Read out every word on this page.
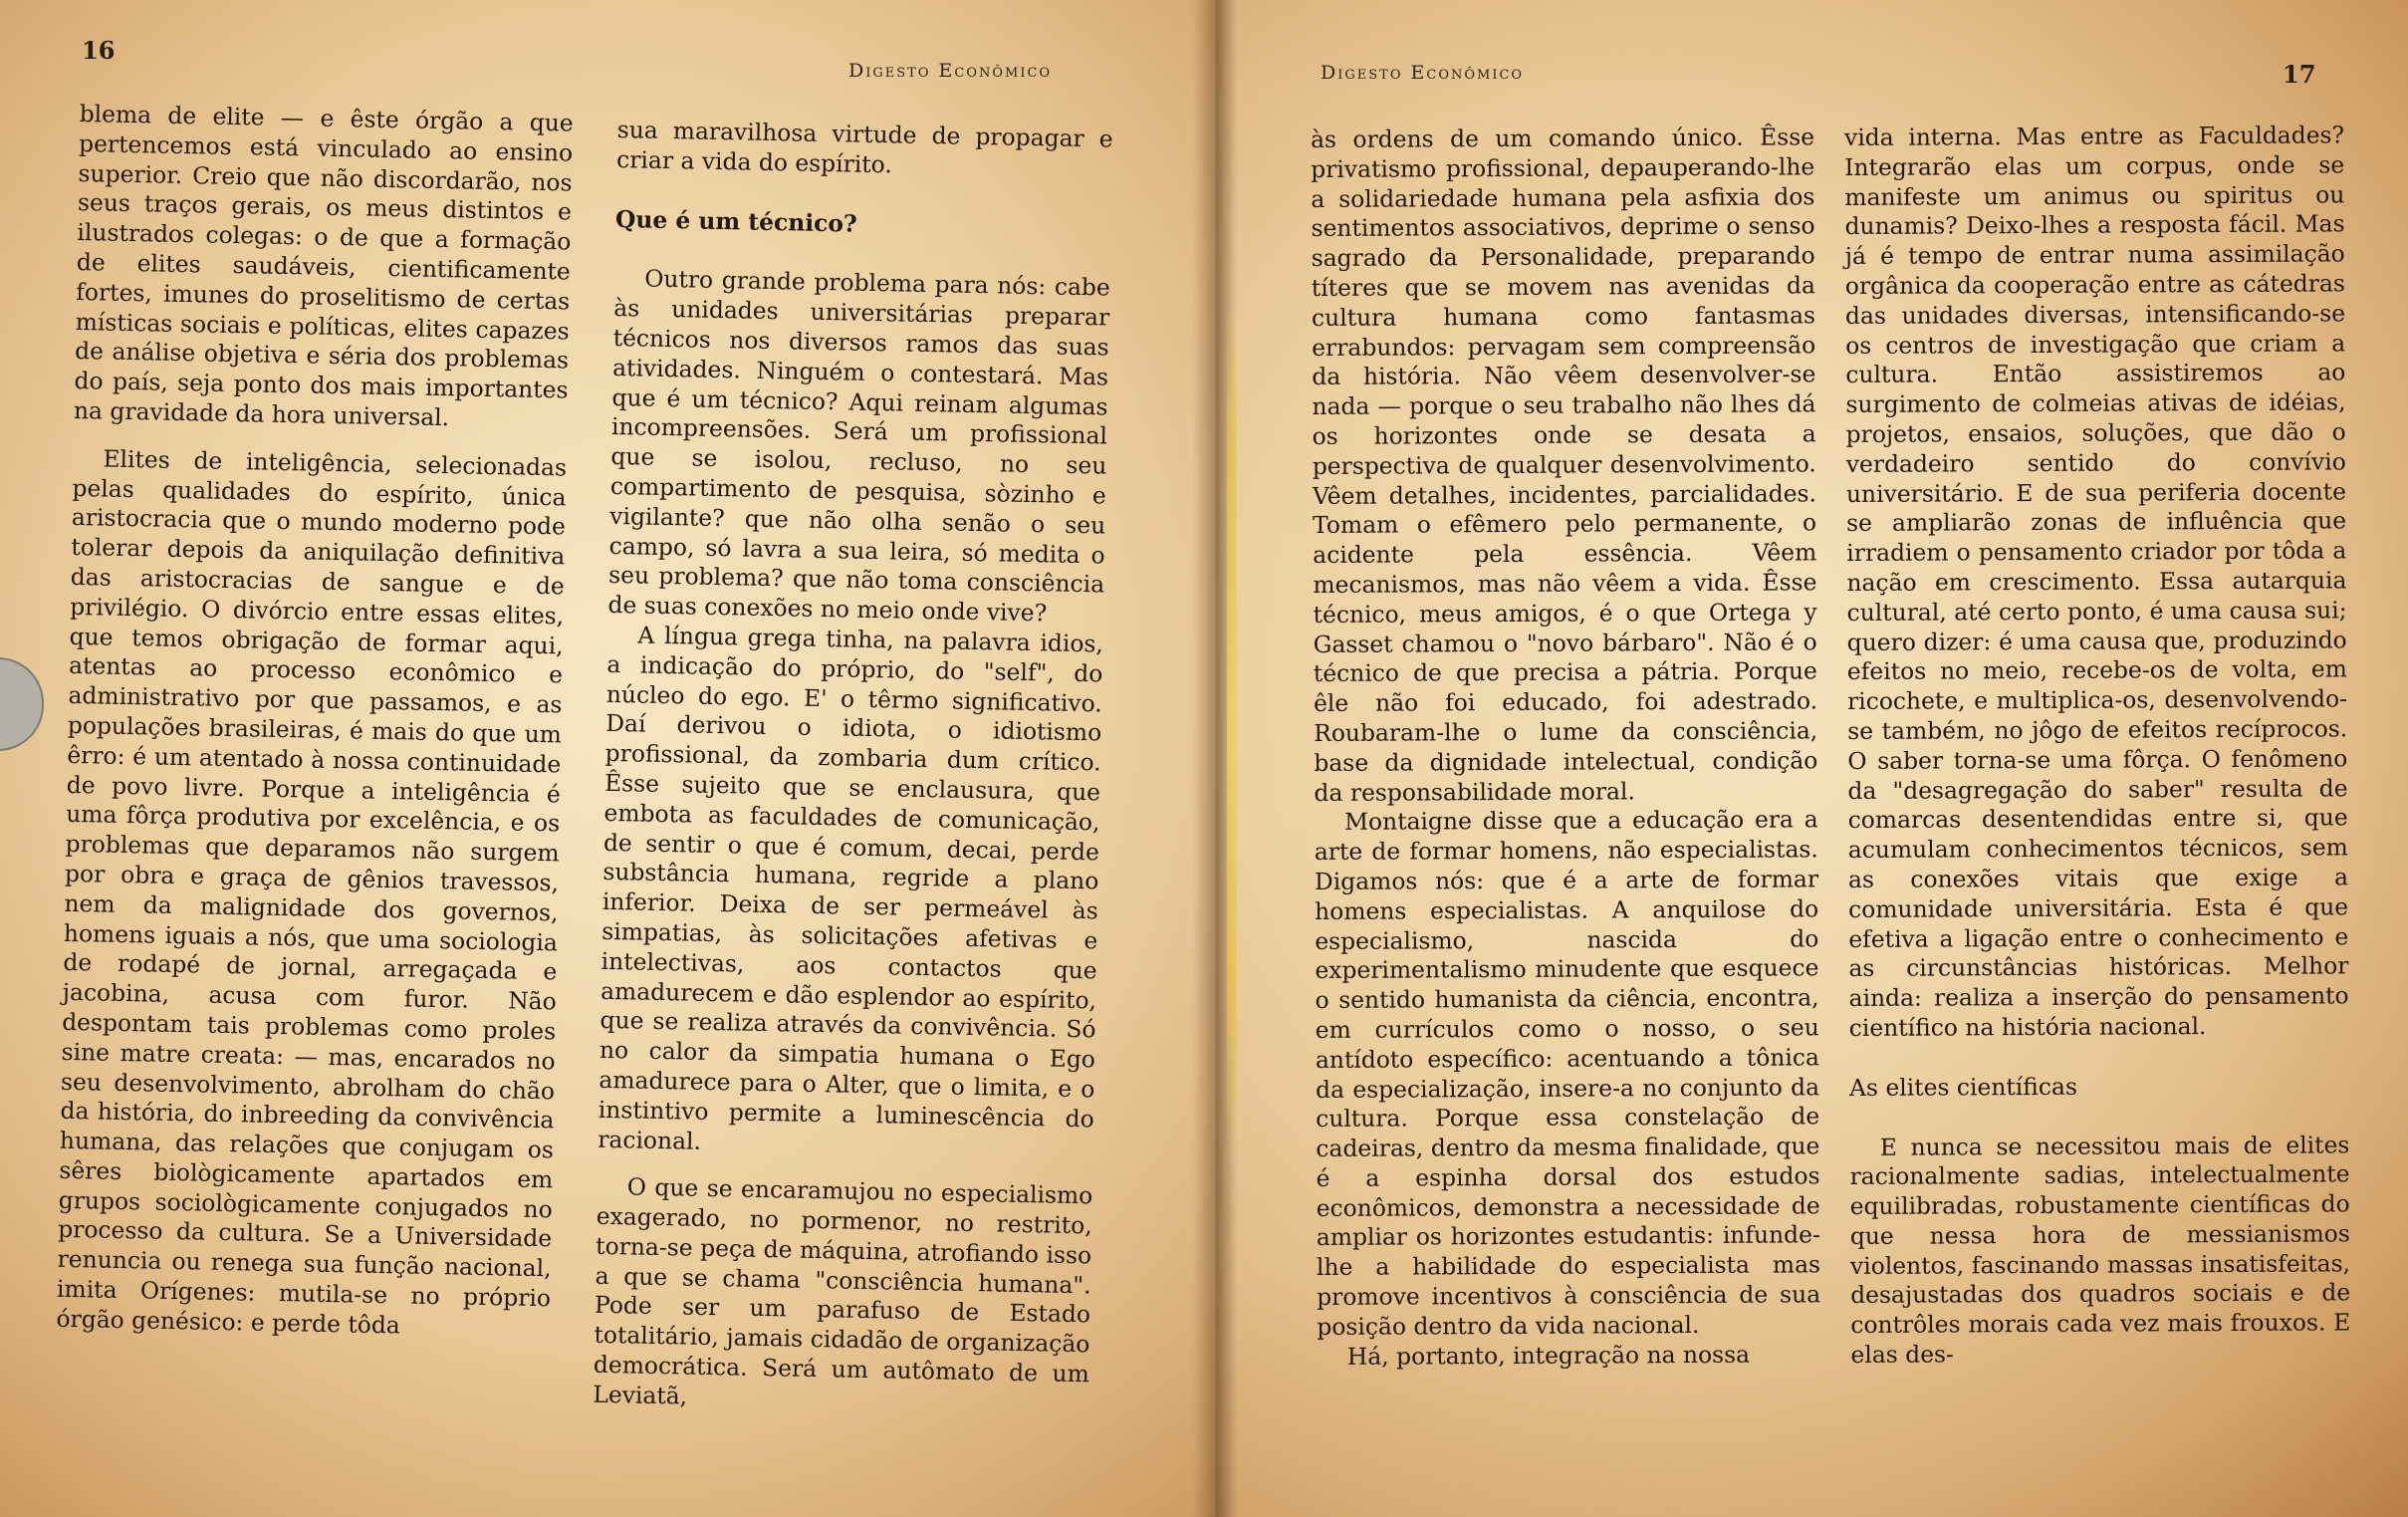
16
Digesto Econômico

blema de elite — e êste órgão a que pertencemos está vinculado ao ensino superior. Creio que não discordarão, nos seus traços gerais, os meus distintos e ilustrados colegas: o de que a formação de elites saudáveis, cientificamente fortes, imunes do proselitismo de certas místicas sociais e políticas, elites capazes de análise objetiva e séria dos problemas do país, seja ponto dos mais importantes na gravidade da hora universal.

Elites de inteligência, selecionadas pelas qualidades do espírito, única aristocracia que o mundo moderno pode tolerar depois da aniquilação definitiva das aristocracias de sangue e de privilégio. O divórcio entre essas elites, que temos obrigação de formar aqui, atentas ao processo econômico e administrativo por que passamos, e as populações brasileiras, é mais do que um êrro: é um atentado à nossa continuidade de povo livre. Porque a inteligência é uma fôrça produtiva por excelência, e os problemas que deparamos não surgem por obra e graça de gênios travessos, nem da malignidade dos governos, homens iguais a nós, que uma sociologia de rodapé de jornal, arregaçada e jacobina, acusa com furor. Não despontam tais problemas como proles sine matre creata: — mas, encarados no seu desenvolvimento, abrolham do chão da história, do inbreeding da convivência humana, das relações que conjugam os sêres biològicamente apartados em grupos sociològicamente conjugados no processo da cultura. Se a Universidade renuncia ou renega sua função nacional, imita Orígenes: mutila-se no próprio órgão genésico: e perde tôda

sua maravilhosa virtude de propagar e criar a vida do espírito.

Que é um técnico?

Outro grande problema para nós: cabe às unidades universitárias preparar técnicos nos diversos ramos das suas atividades. Ninguém o contestará. Mas que é um técnico? Aqui reinam algumas incompreensões. Será um profissional que se isolou, recluso, no seu compartimento de pesquisa, sòzinho e vigilante? que não olha senão o seu campo, só lavra a sua leira, só medita o seu problema? que não toma consciência de suas conexões no meio onde vive?

A língua grega tinha, na palavra idios, a indicação do próprio, do "self", do núcleo do ego. E' o têrmo significativo. Daí derivou o idiota, o idiotismo profissional, da zombaria dum crítico. Êsse sujeito que se enclausura, que embota as faculdades de comunicação, de sentir o que é comum, decai, perde substância humana, regride a plano inferior. Deixa de ser permeável às simpatias, às solicitações afetivas e intelectivas, aos contactos que amadurecem e dão esplendor ao espírito, que se realiza através da convivência. Só no calor da simpatia humana o Ego amadurece para o Alter, que o limita, e o instintivo permite a luminescência do racional.

O que se encaramujou no especialismo exagerado, no pormenor, no restrito, torna-se peça de máquina, atrofiando isso a que se chama "consciência humana". Pode ser um parafuso de Estado totalitário, jamais cidadão de organização democrática. Será um autômato de um Leviatã,

Digesto Econômico	17

às ordens de um comando único. Êsse privatismo profissional, depauperando-lhe a solidariedade humana pela asfixia dos sentimentos associativos, deprime o senso sagrado da Personalidade, preparando títeres que se movem nas avenidas da cultura humana como fantasmas errabundos: pervagam sem compreensão da história. Não vêem desenvolver-se nada — porque o seu trabalho não lhes dá os horizontes onde se desata a perspectiva de qualquer desenvolvimento. Vêem detalhes, incidentes, parcialidades. Tomam o efêmero pelo permanente, o acidente pela essência. Vêem mecanismos, mas não vêem a vida. Êsse técnico, meus amigos, é o que Ortega y Gasset chamou o "novo bárbaro". Não é o técnico de que precisa a pátria. Porque êle não foi educado, foi adestrado. Roubaram-lhe o lume da consciência, base da dignidade intelectual, condição da responsabilidade moral.

Montaigne disse que a educação era a arte de formar homens, não especialistas. Digamos nós: que é a arte de formar homens especialistas. A anquilose do especialismo, nascida do experimentalismo minudente que esquece o sentido humanista da ciência, encontra, em currículos como o nosso, o seu antídoto específico: acentuando a tônica da especialização, insere-a no conjunto da cultura. Porque essa constelação de cadeiras, dentro da mesma finalidade, que é a espinha dorsal dos estudos econômicos, demonstra a necessidade de ampliar os horizontes estudantis: infunde-lhe a habilidade do especialista mas promove incentivos à consciência de sua posição dentro da vida nacional.

Há, portanto, integração na nossa

vida interna. Mas entre as Faculdades? Integrarão elas um corpus, onde se manifeste um animus ou spiritus ou dunamis? Deixo-lhes a resposta fácil. Mas já é tempo de entrar numa assimilação orgânica da cooperação entre as cátedras das unidades diversas, intensificando-se os centros de investigação que criam a cultura. Então assistiremos ao surgimento de colmeias ativas de idéias, projetos, ensaios, soluções, que dão o verdadeiro sentido do convívio universitário. E de sua periferia docente se ampliarão zonas de influência que irradiem o pensamento criador por tôda a nação em crescimento. Essa autarquia cultural, até certo ponto, é uma causa sui; quero dizer: é uma causa que, produzindo efeitos no meio, recebe-os de volta, em ricochete, e multiplica-os, desenvolvendo-se também, no jôgo de efeitos recíprocos. O saber torna-se uma fôrça. O fenômeno da "desagregação do saber" resulta de comarcas desentendidas entre si, que acumulam conhecimentos técnicos, sem as conexões vitais que exige a comunidade universitária. Esta é que efetiva a ligação entre o conhecimento e as circunstâncias históricas. Melhor ainda: realiza a inserção do pensamento científico na história nacional.

As elites científicas

E nunca se necessitou mais de elites racionalmente sadias, intelectualmente equilibradas, robustamente científicas do que nessa hora de messianismos violentos, fascinando massas insatisfeitas, desajustadas dos quadros sociais e de contrôles morais cada vez mais frouxos. E elas des-
